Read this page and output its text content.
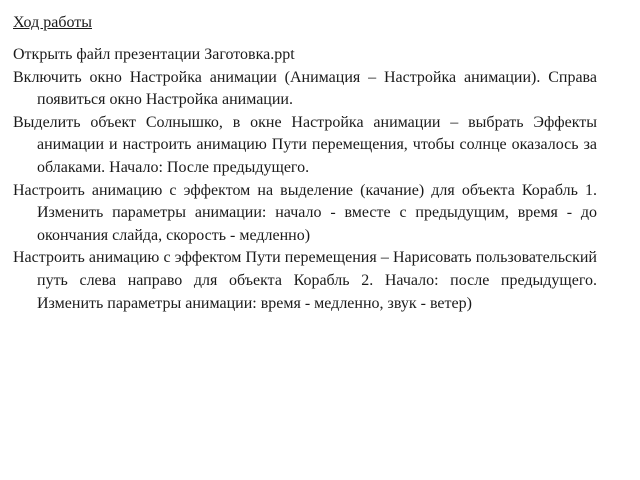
Ход работы

Открыть файл презентации Заготовка.ppt

Включить окно Настройка анимации (Анимация – Настройка анимации). Справа появиться окно Настройка анимации.

Выделить объект Солнышко, в окне Настройка анимации – выбрать Эффекты анимации и настроить анимацию Пути перемещения, чтобы солнце оказалось за облаками. Начало: После предыдущего.

Настроить анимацию с эффектом на выделение (качание) для объекта Корабль 1. Изменить параметры анимации: начало - вместе с предыдущим, время - до окончания слайда, скорость - медленно)

Настроить анимацию с эффектом Пути перемещения – Нарисовать пользовательский путь слева направо для объекта Корабль 2. Начало: после предыдущего. Изменить параметры анимации: время - медленно, звук - ветер)
